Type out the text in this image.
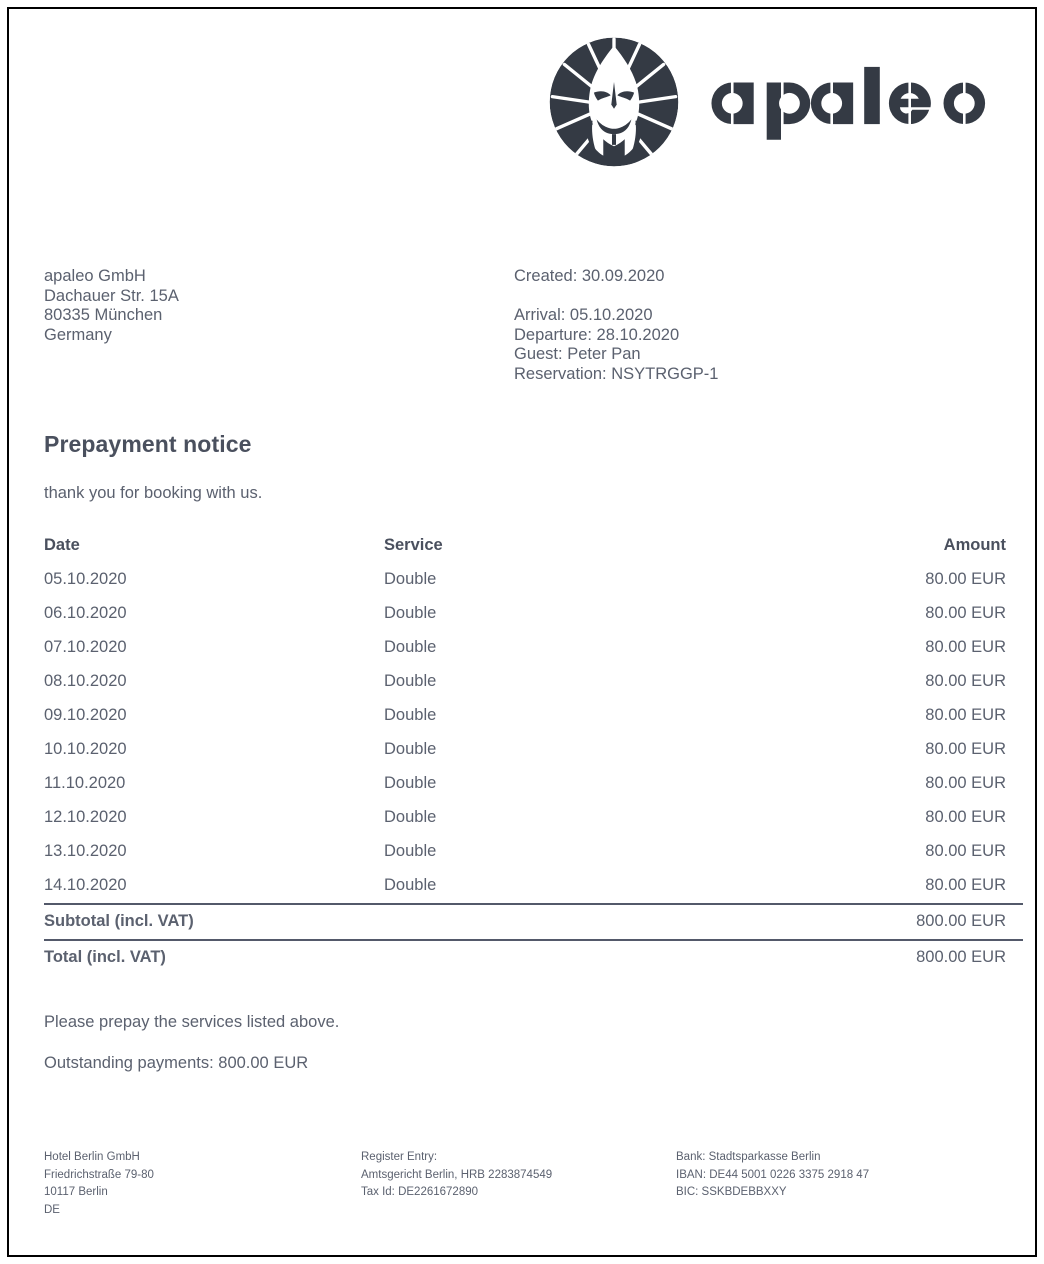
apaleo GmbH
Dachauer Str. 15A
80335 München
Germany
Created: 30.09.2020
Arrival: 05.10.2020
Departure: 28.10.2020
Guest: Peter Pan
Reservation: NSYTRGGP-1
Prepayment notice
thank you for booking with us.
Date	Service	Amount
05.10.2020	Double	80.00 EUR
06.10.2020	Double	80.00 EUR
07.10.2020	Double	80.00 EUR
08.10.2020	Double	80.00 EUR
09.10.2020	Double	80.00 EUR
10.10.2020	Double	80.00 EUR
11.10.2020	Double	80.00 EUR
12.10.2020	Double	80.00 EUR
13.10.2020	Double	80.00 EUR
14.10.2020	Double	80.00 EUR
Subtotal (incl. VAT)		800.00 EUR
Total (incl. VAT)		800.00 EUR
Please prepay the services listed above.
Outstanding payments: 800.00 EUR
Hotel Berlin GmbH
Friedrichstraße 79-80
10117 Berlin
DE
Register Entry:
Amtsgericht Berlin, HRB 2283874549
Tax Id: DE2261672890
Bank: Stadtsparkasse Berlin
IBAN: DE44 5001 0226 3375 2918 47
BIC: SSKBDEBBXXY
